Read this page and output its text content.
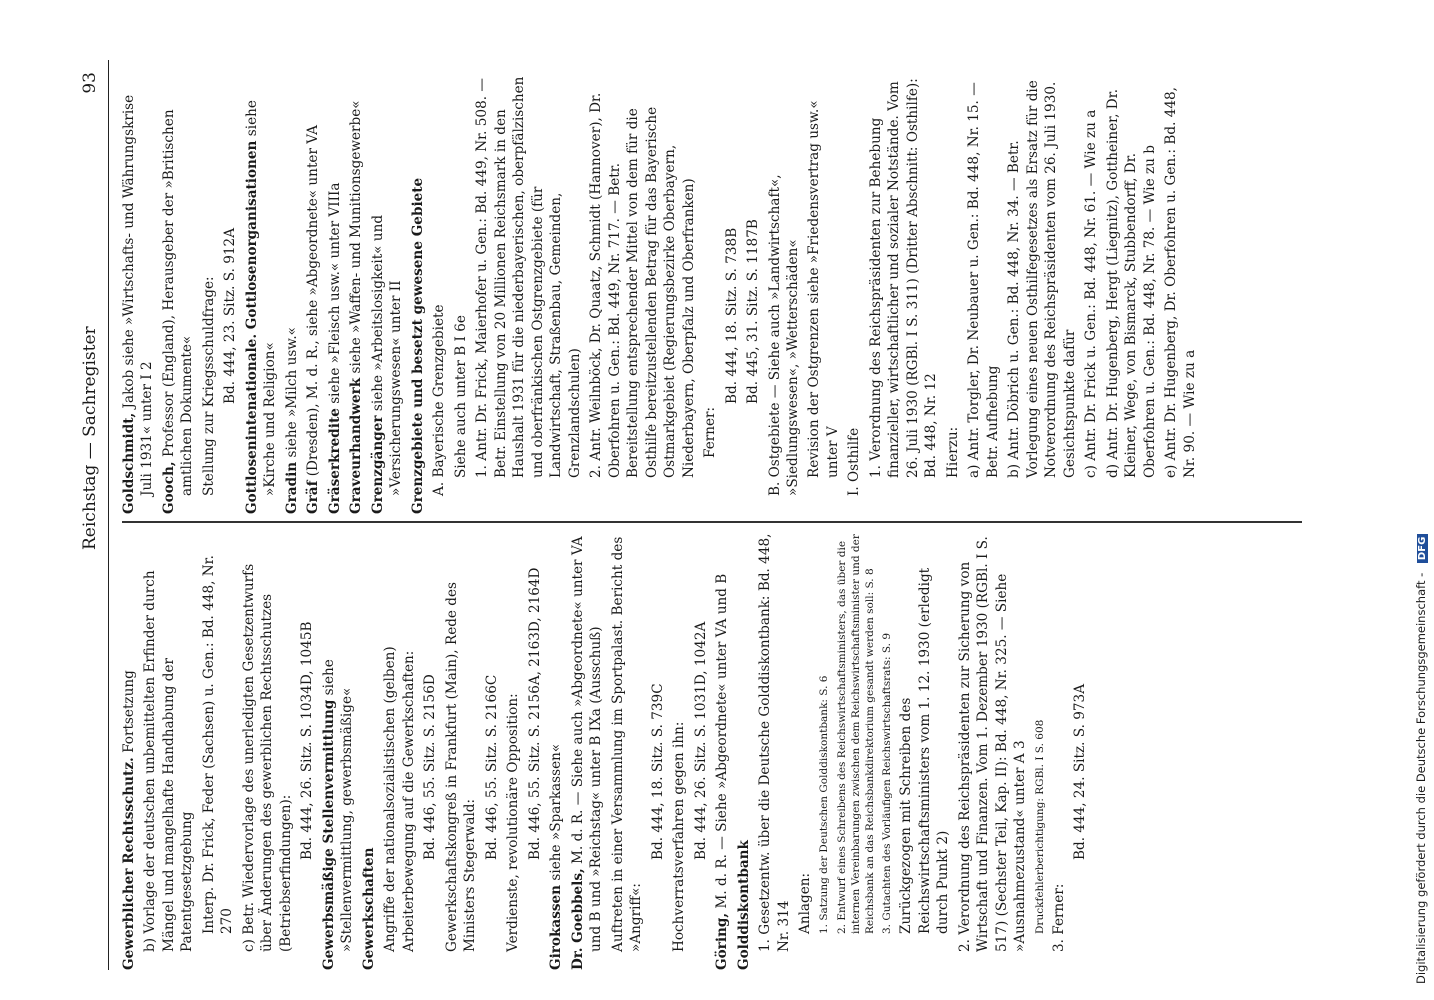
Reichstag — Sachregister
93
Gewerblicher Rechtsschutz. Fortsetzung b) Vorlage der deutschen unbemittelten Erfinder durch Mängel und mangelhafte Handhabung der Patentgesetzgebung Interp. Dr. Frick, Feder (Sachsen) u. Gen.: Bd. 448, Nr. 270 c) Betr. Wiedervorlage des unerledigten Gesetzentwurfs über Änderungen des gewerblichen Rechtsschutzes (Betriebserfindungen):
Bd. 444, 26. Sitz. S. 1034D, 1045B Gewerbsmäßige Stellenvermittlung siehe »Stellenvermittlung, gewerbsmäßige« Gewerkschaften Angriffe der nationalsozialistischen (gelben) Arbeiterbewegung auf die Gewerkschaften: Bd. 446, 55. Sitz. S. 2156D Gewerkschaftskongreß in Frankfurt (Main), Rede des Ministers Stegerwald:
Bd. 446, 55. Sitz. S. 2166C Verdienste, revolutionäre Opposition: Bd. 446, 55. Sitz. S. 2156A, 2163D, 2164D
Girokassen siehe »Sparkassen«
Dr. Goebbels, M. d. R. — Siehe auch »Abgeordnete« unter VA und B und »Reichstag« unter B IXa (Ausschuß) Auftreten in einer Versammlung im Sportpalast. Bericht des »Angriff«:
Bd. 444, 18. Sitz. S. 739C Hochverratsverfahren gegen ihn: Bd. 444, 26. Sitz. S. 1031D, 1042A
Göring, M. d. R. — Siehe »Abgeordnete« unter VA und B Golddiskontbank 1. Gesetzentw. über die Deutsche Golddiskontbank: Bd. 448, Nr. 314 Anlagen: 1. Satzung der Deutschen Golddiskontbank: S. 6 2. Entwurf eines Schreibens des Reichswirtschaftsministers, das über die internen Vereinbarungen zwischen dem Reichswirtschaftsminister und der Reichsbank an das Reichsbankdirektorium gesandt werden soll: S. 8 3. Gutachten des Vorläufigen Reichswirtschaftsrats: S. 9 Zurückgezogen mit Schreiben des Reichswirtschaftsministers vom 1. 12. 1930 (erledigt durch Punkt 2) 2. Verordnung des Reichspräsidenten zur Sicherung von Wirtschaft und Finanzen. Vom 1. Dezember 1930 (RGBl. I S. 517) (Sechster Teil, Kap. II): Bd. 448, Nr. 325. — Siehe »Ausnahmezustand« unter A 3 Druckfehlerberichtigung: RGBl. I S. 608 3. Ferner:
Bd. 444, 24. Sitz. S. 973A
Goldschmidt, Jakob siehe »Wirtschafts- und Währungskrise Juli 1931« unter I 2 Gooch, Professor (England), Herausgeber der »Britischen amtlichen Dokumente« Stellung zur Kriegsschuldfrage: Bd. 444, 23. Sitz. S. 912A Gottlosenintenationale. Gottlosenorganisationen siehe »Kirche und Religion« Gradin siehe »Milch usw.«
Gräf (Dresden), M. d. R., siehe »Abgeordnete« unter VA Gräserkredite siehe »Fleisch usw.« unter VIIIa
Graveurhandwerk siehe »Waffen- und Munitionsgewerbe«
Grenzgänger siehe »Arbeitslosigkeit« und »Versicherungswesen« unter II Grenzgebiete und besetzt gewesene Gebiete A. Bayerische Grenzgebiete Siehe auch unter B I 6e 1. Antr. Dr. Frick, Maierhofer u. Gen.: Bd. 449, Nr. 508. — Betr. Einstellung von 20 Millionen Reichsmark in den Haushalt 1931 für die niederbayerischen, oberpfälzischen und oberfränkischen Ostgrenzgebiete (für Landwirtschaft, Straßenbau, Gemeinden, Grenzlandschulen) 2. Antr. Weilnböck, Dr. Quaatz, Schmidt (Hannover), Dr. Oberfohren u. Gen.: Bd. 449, Nr. 717. — Betr. Bereitstellung entsprechender Mittel von dem für die Osthilfe bereitzustellenden Betrag für das Bayerische Ostmarkgebiet (Regierungsbezirke Oberbayern, Niederbayern, Oberpfalz und Oberfranken) Ferner:
Bd. 444, 18. Sitz. S. 738B Bd. 445, 31. Sitz. S. 1187B B. Ostgebiete — Siehe auch »Landwirtschaft«, »Siedlungswesen«, »Wetterschäden« Revision der Ostgrenzen siehe »Friedensvertrag usw.« unter V I. Osthilfe 1. Verordnung des Reichspräsidenten zur Behebung finanzieller, wirtschaftlicher und sozialer Notstände. Vom 26. Juli 1930 (RGBl. I S. 311) (Dritter Abschnitt: Osthilfe): Bd. 448, Nr. 12 Hierzu: a) Antr. Torgler, Dr. Neubauer u. Gen.: Bd. 448, Nr. 15. — Betr. Aufhebung b) Antr. Döbrich u. Gen.: Bd. 448, Nr. 34. — Betr. Vorlegung eines neuen Osthilfegesetzes als Ersatz für die Notverordnung des Reichspräsidenten vom 26. Juli 1930. Gesichtspunkte dafür c) Antr. Dr. Frick u. Gen.: Bd. 448, Nr. 61. — Wie zu a d) Antr. Dr. Hugenberg, Hergt (Liegnitz), Gottheiner, Dr. Kleiner, Wege, von Bismarck, Stubbendorff, Dr. Oberfohren u. Gen.: Bd. 448, Nr. 78. — Wie zu b e) Antr. Dr. Hugenberg, Dr. Oberfohren u. Gen.: Bd. 448, Nr. 90. — Wie zu a
Digitalisierung gefördert durch die Deutsche Forschungsgemeinschaft - DFG
